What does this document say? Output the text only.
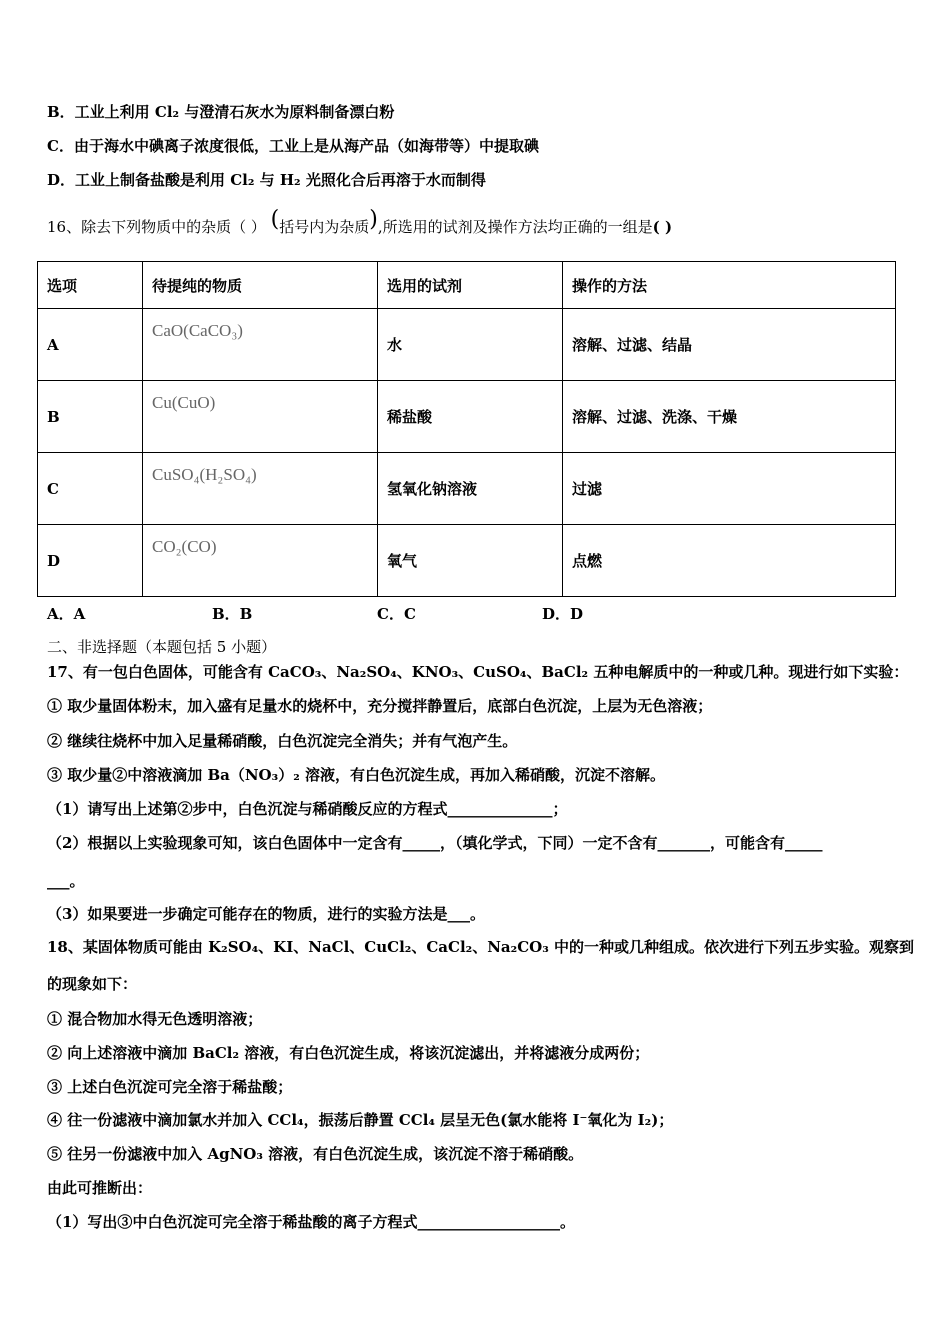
B．工业上利用 Cl₂ 与澄清石灰水为原料制备漂白粉
C．由于海水中碘离子浓度很低，工业上是从海产品（如海带等）中提取碘
D．工业上制备盐酸是利用 Cl₂ 与 H₂ 光照化合后再溶于水而制得
16、除去下列物质中的杂质（ ） (括号内为杂质),所选用的试剂及操作方法均正确的一组是( )
选项	待提纯的物质	选用的试剂	操作的方法
A	CaO(CaCO₃)	水	溶解、过滤、结晶
B	Cu(CuO)	稀盐酸	溶解、过滤、洗涤、干燥
C	CuSO₄(H₂SO₄)	氢氧化钠溶液	过滤
D	CO₂(CO)	氧气	点燃
A．A	B．B	C．C	D．D
二、非选择题（本题包括 5 小题）
17、有一包白色固体，可能含有 CaCO₃、Na₂SO₄、KNO₃、CuSO₄、BaCl₂ 五种电解质中的一种或几种。现进行如下实验：
① 取少量固体粉末，加入盛有足量水的烧杯中，充分搅拌静置后，底部白色沉淀，上层为无色溶液；
② 继续往烧杯中加入足量稀硝酸，白色沉淀完全消失；并有气泡产生。
③ 取少量②中溶液滴加 Ba（NO₃）₂ 溶液，有白色沉淀生成，再加入稀硝酸，沉淀不溶解。
（1）请写出上述第②步中，白色沉淀与稀硝酸反应的方程式______________；
（2）根据以上实验现象可知，该白色固体中一定含有_____，（填化学式，下同）一定不含有_______，可能含有_____
___。
（3）如果要进一步确定可能存在的物质，进行的实验方法是___。
18、某固体物质可能由 K₂SO₄、KI、NaCl、CuCl₂、CaCl₂、Na₂CO₃ 中的一种或几种组成。依次进行下列五步实验。观察到
的现象如下：
① 混合物加水得无色透明溶液；
② 向上述溶液中滴加 BaCl₂ 溶液，有白色沉淀生成，将该沉淀滤出，并将滤液分成两份；
③ 上述白色沉淀可完全溶于稀盐酸；
④ 往一份滤液中滴加氯水并加入 CCl₄，振荡后静置 CCl₄ 层呈无色(氯水能将 I⁻氧化为 I₂)；
⑤ 往另一份滤液中加入 AgNO₃ 溶液，有白色沉淀生成，该沉淀不溶于稀硝酸。
由此可推断出：
（1）写出③中白色沉淀可完全溶于稀盐酸的离子方程式___________________。
